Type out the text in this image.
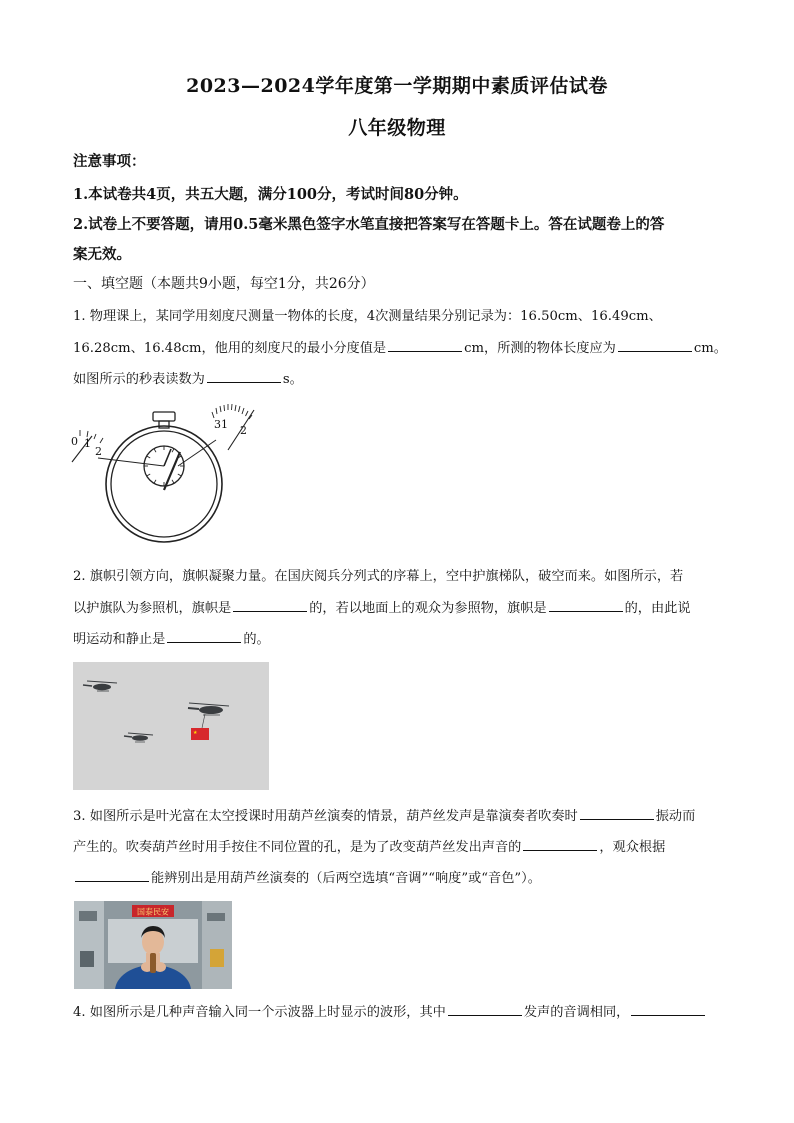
2023—2024学年度第一学期期中素质评估试卷
八年级物理
注意事项：
1.本试卷共4页，共五大题，满分100分，考试时间80分钟。
2.试卷上不要答题，请用0.5毫米黑色签字水笔直接把答案写在答题卡上。答在试题卷上的答
案无效。
一、填空题（本题共9小题，每空1分，共26分）
1. 物理课上，某同学用刻度尺测量一物体的长度，4次测量结果分别记录为：16.50cm、16.49cm、
16.28cm、16.48cm，他用的刻度尺的最小分度值是	cm，所测的物体长度应为	cm。
如图所示的秒表读数为	s。
0 1
2
31 2
2. 旗帜引领方向，旗帜凝聚力量。在国庆阅兵分列式的序幕上，空中护旗梯队，破空而来。如图所示，若
以护旗队为参照机，旗帜是	的，若以地面上的观众为参照物，旗帜是	的，由此说
明运动和静止是	的。
★
3. 如图所示是叶光富在太空授课时用葫芦丝演奏的情景，葫芦丝发声是靠演奏者吹奏时	振动而
产生的。吹奏葫芦丝时用手按住不同位置的孔，是为了改变葫芦丝发出声音的	，观众根据
能辨别出是用葫芦丝演奏的（后两空选填“音调”“响度”或“音色”）。
国泰民安
4. 如图所示是几种声音输入同一个示波器上时显示的波形，其中	发声的音调相同，
